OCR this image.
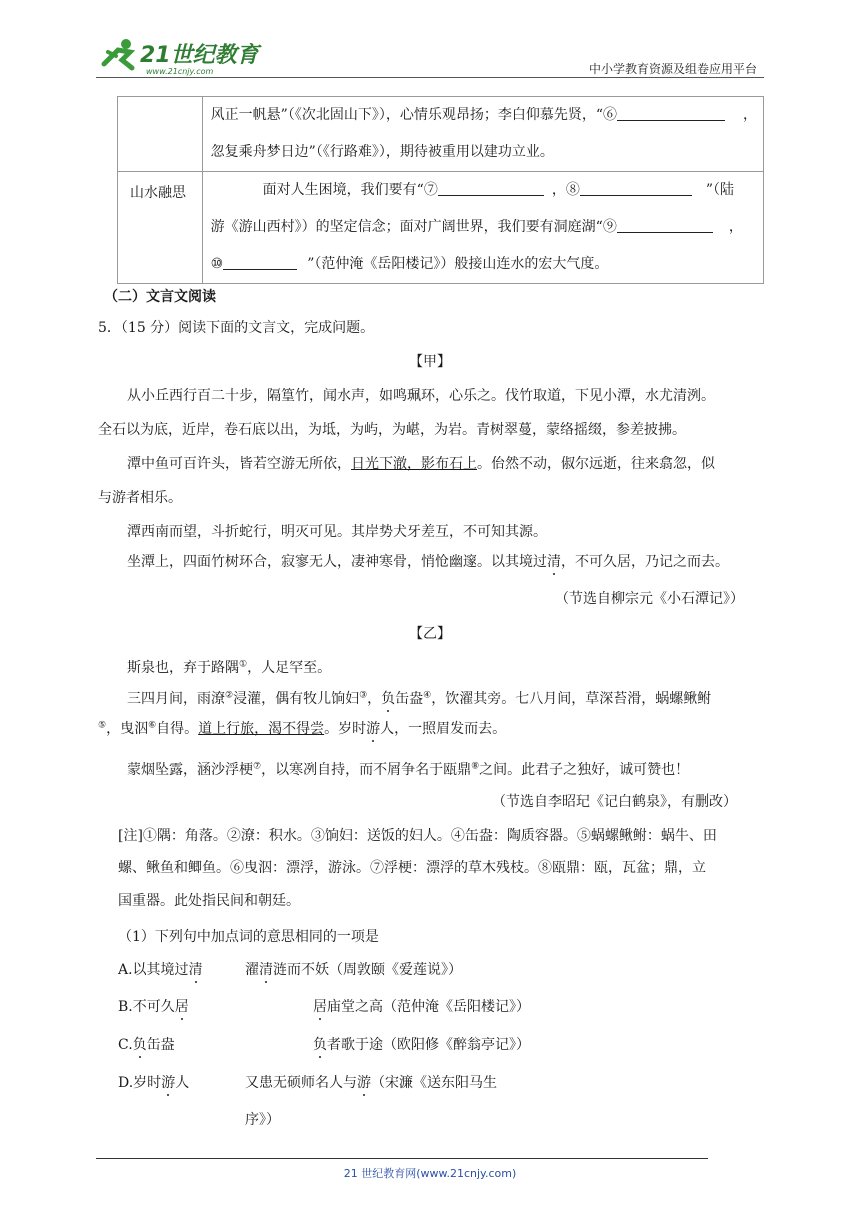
21世纪教育
www.21cnjy.com	中小学教育资源及组卷应用平台

	风正一帆悬”（《次北固山下》），心情乐观昂扬；李白仰慕先贤，“⑥ ，
忽复乘舟梦日边”（《行路难》），期待被重用以建功立业。

山水融思	面对人生困境，我们要有“⑦ ，⑧ ”（陆
游《游山西村》）的坚定信念；面对广阔世界，我们要有洞庭湖“⑨ ，
⑩ ”（范仲淹《岳阳楼记》）般接山连水的宏大气度。
（二）文言文阅读
5．（15 分）阅读下面的文言文，完成问题。
【甲】
从小丘西行百二十步，隔篁竹，闻水声，如鸣珮环，心乐之。伐竹取道，下见小潭，水尤清洌。
全石以为底，近岸，卷石底以出，为坻，为屿，为嵁，为岩。青树翠蔓，蒙络摇缀，参差披拂。
潭中鱼可百许头，皆若空游无所依，日光下澈，影布石上。佁然不动，俶尔远逝，往来翕忽，似
与游者相乐。
潭西南而望，斗折蛇行，明灭可见。其岸势犬牙差互，不可知其源。
坐潭上，四面竹树环合，寂寥无人，凄神寒骨，悄怆幽邃。以其境过清，不可久居，乃记之而去。
（节选自柳宗元《小石潭记》）
【乙】
斯泉也，弃于路隅①，人足罕至。
三四月间，雨潦②浸灌，偶有牧儿饷妇③，负缶盎④，饮濯其旁。七八月间，草深苔滑，蜗螺鳅鲋
⑤，曳泅⑥自得。道上行旅，渴不得尝。岁时游人，一照眉发而去。
蒙烟坠露，涵沙浮梗⑦，以寒冽自持，而不屑争名于瓯鼎⑧之间。此君子之独好，诚可赞也！
（节选自李昭玘《记白鹤泉》，有删改）
[注]①隅：角落。②潦：积水。③饷妇：送饭的妇人。④缶盎：陶质容器。⑤蜗螺鳅鲋：蜗牛、田
螺、鳅鱼和鲫鱼。⑥曳泅：漂浮，游泳。⑦浮梗：漂浮的草木残枝。⑧瓯鼎：瓯，瓦盆；鼎，立
国重器。此处指民间和朝廷。
（1）下列句中加点词的意思相同的一项是
A.以其境过清	濯清涟而不妖（周敦颐《爱莲说》）
B.不可久居	居庙堂之高（范仲淹《岳阳楼记》）
C.负缶盎	负者歌于途（欧阳修《醉翁亭记》）
D.岁时游人	又患无硕师名人与游（宋濂《送东阳马生
序》）
21 世纪教育网(www.21cnjy.com)
